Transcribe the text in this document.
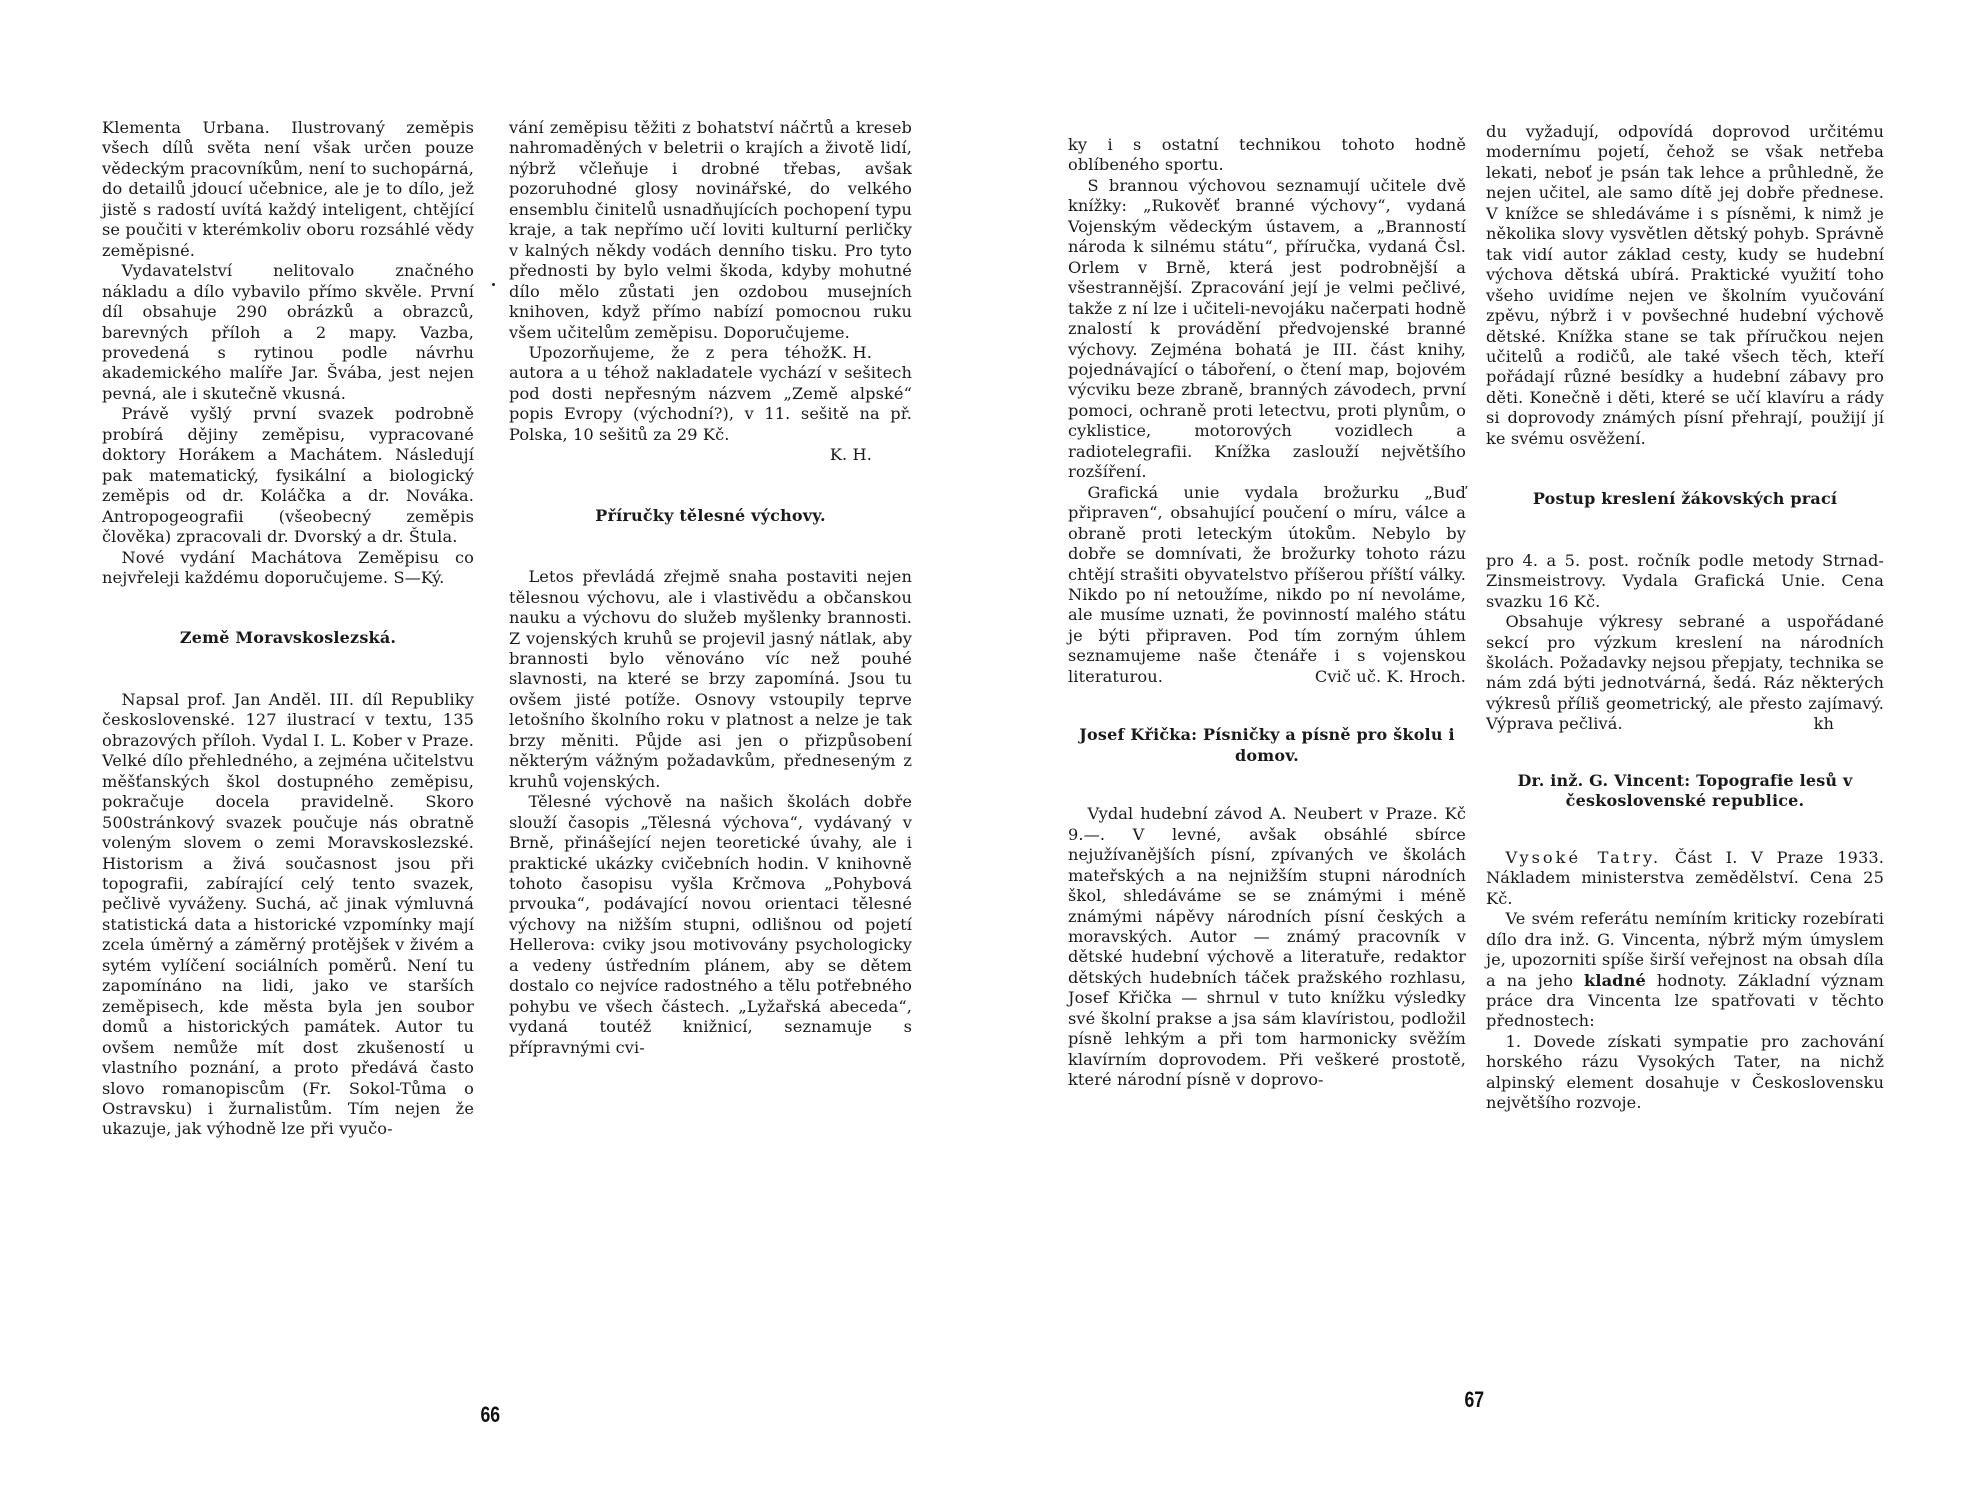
Klementa Urbana. Ilustrovaný zeměpis všech dílů světa není však určen pouze vědeckým pracovníkům, není to suchopárná, do detailů jdoucí učebnice, ale je to dílo, jež jistě s radostí uvítá každý inteligent, chtějící se poučiti v kterémkoliv oboru rozsáhlé vědy zeměpisné.

Vydavatelství nelitovalo značného nákladu a dílo vybavilo přímo skvěle. První díl obsahuje 290 obrázků a obrazců, barevných příloh a 2 mapy. Vazba, provedená s rytinou podle návrhu akademického malíře Jar. Švába, jest nejen pevná, ale i skutečně vkusná.

Právě vyšlý první svazek podrobně probírá dějiny zeměpisu, vypracované doktory Horákem a Machátem. Následují pak matematický, fysikální a biologický zeměpis od dr. Koláčka a dr. Nováka. Antropogeografii (všeobecný zeměpis člověka) zpracovali dr. Dvorský a dr. Štula.

Nové vydání Machátova Zeměpisu co nejvřeleji každému doporučujeme. S—Ký.

Země Moravskoslezská.

Napsal prof. Jan Anděl. III. díl Republiky československé. 127 ilustrací v textu, 135 obrazových příloh. Vydal I. L. Kober v Praze. Velké dílo přehledného, a zejména učitelstvu měšťanských škol dostupného zeměpisu, pokračuje docela pravidelně. Skoro 500stránkový svazek poučuje nás obratně voleným slovem o zemi Moravskoslezské. Historism a živá současnost jsou při topografii, zabírající celý tento svazek, pečlivě vyváženy. Suchá, ač jinak výmluvná statistická data a historické vzpomínky mají zcela úměrný a záměrný protějšek v živém a sytém vylíčení sociálních poměrů. Není tu zapomínáno na lidi, jako ve starších zeměpisech, kde města byla jen soubor domů a historických památek. Autor tu ovšem nemůže mít dost zkušeností u vlastního poznání, a proto předává často slovo romanopiscům (Fr. Sokol-Tůma o Ostravsku) i žurnalistům. Tím nejen že ukazuje, jak výhodně lze při vyučo-

vání zeměpisu těžiti z bohatství náčrtů a kreseb nahromaděných v beletrii o krajích a životě lidí, nýbrž včleňuje i drobné třebas, avšak pozoruhodné glosy novinářské, do velkého ensemblu činitelů usnadňujících pochopení typu kraje, a tak nepřímo učí loviti kulturní perličky v kalných někdy vodách denního tisku. Pro tyto přednosti by bylo velmi škoda, kdyby mohutné dílo mělo zůstati jen ozdobou musejních knihoven, když přímo nabízí pomocnou ruku všem učitelům zeměpisu. Doporučujeme.
K. H.

Upozorňujeme, že z pera téhož autora a u téhož nakladatele vychází v sešitech pod dosti nepřesným názvem „Země alpské“ popis Evropy (východní?), v 11. sešitě na př. Polska, 10 sešitů za 29 Kč.
K. H.

Příručky tělesné výchovy.

Letos převládá zřejmě snaha postaviti nejen tělesnou výchovu, ale i vlastivědu a občanskou nauku a výchovu do služeb myšlenky brannosti. Z vojenských kruhů se projevil jasný nátlak, aby brannosti bylo věnováno víc než pouhé slavnosti, na které se brzy zapomíná. Jsou tu ovšem jisté potíže. Osnovy vstoupily teprve letošního školního roku v platnost a nelze je tak brzy měniti. Půjde asi jen o přizpůsobení některým vážným požadavkům, předneseným z kruhů vojenských.

Tělesné výchově na našich školách dobře slouží časopis „Tělesná výchova“, vydávaný v Brně, přinášející nejen teoretické úvahy, ale i praktické ukázky cvičebních hodin. V knihovně tohoto časopisu vyšla Krčmova „Pohybová prvouka“, podávající novou orientaci tělesné výchovy na nižším stupni, odlišnou od pojetí Hellerova: cviky jsou motivovány psychologicky a vedeny ústředním plánem, aby se dětem dostalo co nejvíce radostného a tělu potřebného pohybu ve všech částech. „Lyžařská abeceda“, vydaná toutéž knižnicí, seznamuje s přípravnými cvi-

66

ky i s ostatní technikou tohoto hodně oblíbeného sportu.

S brannou výchovou seznamují učitele dvě knížky: „Rukověť branné výchovy“, vydaná Vojenským vědeckým ústavem, a „Branností národa k silnému státu“, příručka, vydaná Čsl. Orlem v Brně, která jest podrobnější a všestrannější. Zpracování její je velmi pečlivé, takže z ní lze i učiteli-nevojáku načerpati hodně znalostí k provádění předvojenské branné výchovy. Zejména bohatá je III. část knihy, pojednávající o táboření, o čtení map, bojovém výcviku beze zbraně, branných závodech, první pomoci, ochraně proti letectvu, proti plynům, o cyklistice, motorových vozidlech a radiotelegrafii. Knížka zaslouží největšího rozšíření.

Grafická unie vydala brožurku „Buď připraven“, obsahující poučení o míru, válce a obraně proti leteckým útokům. Nebylo by dobře se domnívati, že brožurky tohoto rázu chtějí strašiti obyvatelstvo příšerou příští války. Nikdo po ní netoužíme, nikdo po ní nevoláme, ale musíme uznati, že povinností malého státu je býti připraven. Pod tím zorným úhlem seznamujeme naše čtenáře i s vojenskou literaturou.	Cvič uč. K. Hroch.

Josef Křička: Písničky a písně pro školu i domov.

Vydal hudební závod A. Neubert v Praze. Kč 9.—. V levné, avšak obsáhlé sbírce nejužívanějších písní, zpívaných ve školách mateřských a na nejnižším stupni národních škol, shledáváme se se známými i méně známými nápěvy národních písní českých a moravských. Autor — známý pracovník v dětské hudební výchově a literatuře, redaktor dětských hudebních táček pražského rozhlasu, Josef Křička — shrnul v tuto knížku výsledky své školní prakse a jsa sám klavíristou, podložil písně lehkým a při tom harmonicky svěžím klavírním doprovodem. Při veškeré prostotě, které národní písně v doprovo-

du vyžadují, odpovídá doprovod určitému modernímu pojetí, čehož se však netřeba lekati, neboť je psán tak lehce a průhledně, že nejen učitel, ale samo dítě jej dobře přednese. V knížce se shledáváme i s písněmi, k nimž je několika slovy vysvětlen dětský pohyb. Správně tak vidí autor základ cesty, kudy se hudební výchova dětská ubírá. Praktické využití toho všeho uvidíme nejen ve školním vyučování zpěvu, nýbrž i v povšechné hudební výchově dětské. Knížka stane se tak příručkou nejen učitelů a rodičů, ale také všech těch, kteří pořádají různé besídky a hudební zábavy pro děti. Konečně i děti, které se učí klavíru a rády si doprovody známých písní přehrají, použijí jí ke svému osvěžení.

Postup kreslení žákovských prací

pro 4. a 5. post. ročník podle metody Strnad-Zinsmeistrovy. Vydala Grafická Unie. Cena svazku 16 Kč.

Obsahuje výkresy sebrané a uspořádané sekcí pro výzkum kreslení na národních školách. Požadavky nejsou přepjaty, technika se nám zdá býti jednotvárná, šedá. Ráz některých výkresů příliš geometrický, ale přesto zajímavý. Výprava pečlivá.	kh

Dr. inž. G. Vincent: Topografie lesů v československé republice.

Vysoké Tatry. Část I. V Praze 1933. Nákladem ministerstva zemědělství. Cena 25 Kč.

Ve svém referátu nemíním kriticky rozebírati dílo dra inž. G. Vincenta, nýbrž mým úmyslem je, upozorniti spíše širší veřejnost na obsah díla a na jeho kladné hodnoty. Základní význam práce dra Vincenta lze spatřovati v těchto přednostech:

1. Dovede získati sympatie pro zachování horského rázu Vysokých Tater, na nichž alpinský element dosahuje v Československu největšího rozvoje.

67
